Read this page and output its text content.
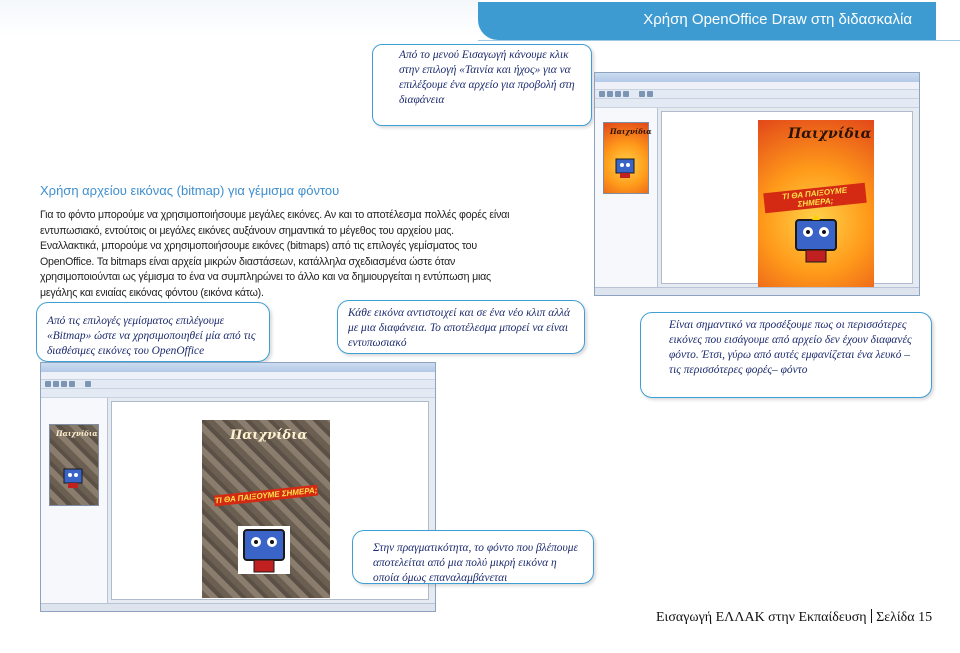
Χρήση OpenOffice Draw στη διδασκαλία
Από το μενού Εισαγωγή κάνουμε κλικ στην επιλογή «Ταινία και ήχος» για να επιλέξουμε ένα αρχείο για προβολή στη διαφάνεια
Χρήση αρχείου εικόνας (bitmap) για γέμισμα φόντου
Για το φόντο μπορούμε να χρησιμοποιήσουμε μεγάλες εικόνες. Αν και το αποτέλεσμα πολλές φορές είναι εντυπωσιακό, εντούτοις οι μεγάλες εικόνες αυξάνουν σημαντικά το μέγεθος του αρχείου μας. Εναλλακτικά, μπορούμε να χρησιμοποιήσουμε εικόνες (bitmaps) από τις επιλογές γεμίσματος του OpenOffice. Τα bitmaps είναι αρχεία μικρών διαστάσεων, κατάλληλα σχεδιασμένα ώστε όταν χρησιμοποιούνται ως γέμισμα το ένα να συμπληρώνει το άλλο και να δημιουργείται η εντύπωση μιας μεγάλης και ενιαίας εικόνας φόντου (εικόνα κάτω).
Παιχνίδια	Παιχνίδια
ΤΙ ΘΑ ΠΑΙΞΟΥΜΕ ΣΗΜΕΡΑ;
Από τις επιλογές γεμίσματος επιλέγουμε «Bitmap» ώστε να χρησιμοποιηθεί μία από τις διαθέσιμες εικόνες του OpenOffice
Κάθε εικόνα αντιστοιχεί και σε ένα νέο κλιπ αλλά με μια διαφάνεια. Το αποτέλεσμα μπορεί να είναι εντυπωσιακό
Είναι σημαντικό να προσέξουμε πως οι περισσότερες εικόνες που εισάγουμε από αρχείο δεν έχουν διαφανές φόντο. Έτσι, γύρω από αυτές εμφανίζεται ένα λευκό –τις περισσότερες φορές– φόντο
Παιχνίδια	Παιχνίδια
ΤΙ ΘΑ ΠΑΙΞΟΥΜΕ ΣΗΜΕΡΑ;
Στην πραγματικότητα, το φόντο που βλέπουμε αποτελείται από μια πολύ μικρή εικόνα η οποία όμως επαναλαμβάνεται
Εισαγωγή ΕΛΛΑΚ στην Εκπαίδευση Σελίδα 15
